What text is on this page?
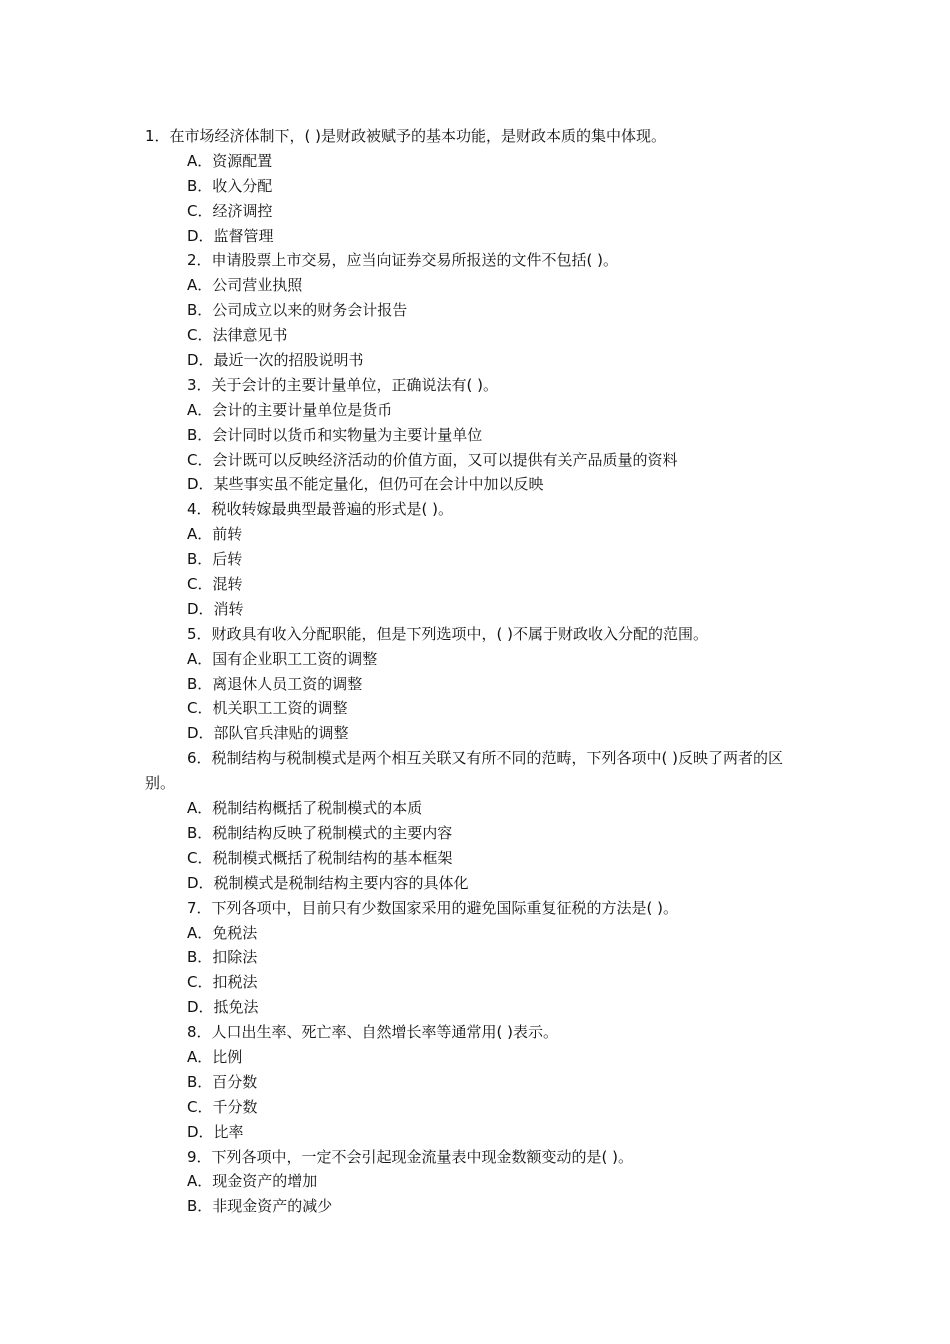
1．在市场经济体制下，( )是财政被赋予的基本功能，是财政本质的集中体现。
A．资源配置
B．收入分配
C．经济调控
D．监督管理
2．申请股票上市交易，应当向证券交易所报送的文件不包括( )。
A．公司营业执照
B．公司成立以来的财务会计报告
C．法律意见书
D．最近一次的招股说明书
3．关于会计的主要计量单位，正确说法有( )。
A．会计的主要计量单位是货币
B．会计同时以货币和实物量为主要计量单位
C．会计既可以反映经济活动的价值方面，又可以提供有关产品质量的资料
D．某些事实虽不能定量化，但仍可在会计中加以反映
4．税收转嫁最典型最普遍的形式是( )。
A．前转
B．后转
C．混转
D．消转
5．财政具有收入分配职能，但是下列选项中，( )不属于财政收入分配的范围。
A．国有企业职工工资的调整
B．离退休人员工资的调整
C．机关职工工资的调整
D．部队官兵津贴的调整
6．税制结构与税制模式是两个相互关联又有所不同的范畴，下列各项中( )反映了两者的区别。
A．税制结构概括了税制模式的本质
B．税制结构反映了税制模式的主要内容
C．税制模式概括了税制结构的基本框架
D．税制模式是税制结构主要内容的具体化
7．下列各项中，目前只有少数国家采用的避免国际重复征税的方法是( )。
A．免税法
B．扣除法
C．扣税法
D．抵免法
8．人口出生率、死亡率、自然增长率等通常用( )表示。
A．比例
B．百分数
C．千分数
D．比率
9．下列各项中，一定不会引起现金流量表中现金数额变动的是( )。
A．现金资产的增加
B．非现金资产的减少
